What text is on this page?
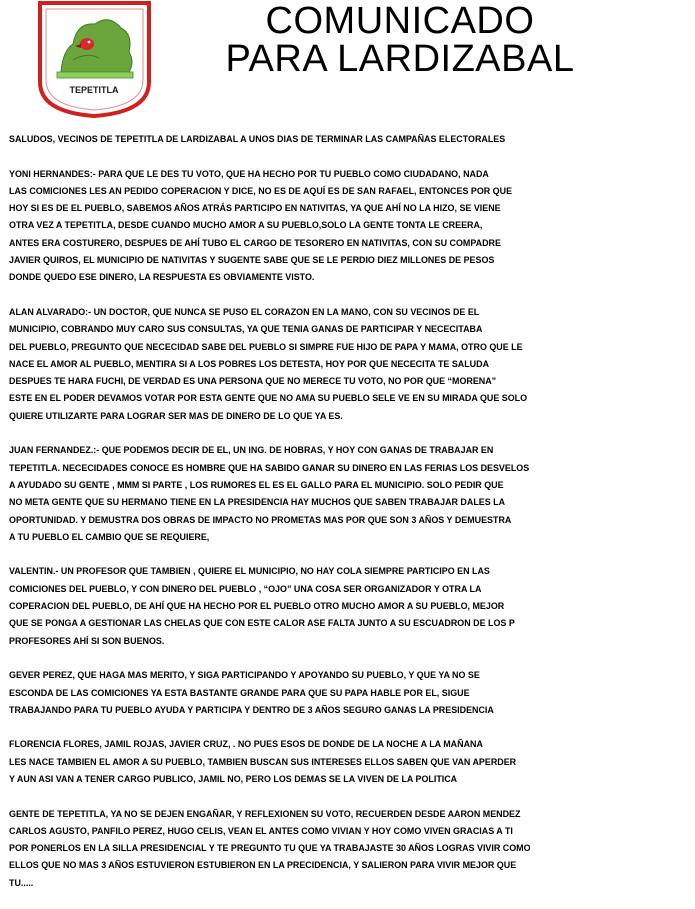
TEPETITLA
COMUNICADO
PARA LARDIZABAL
SALUDOS, VECINOS DE TEPETITLA DE LARDIZABAL A UNOS DIAS DE TERMINAR LAS CAMPAÑAS ELECTORALES
YONI HERNANDES:- PARA QUE LE DES TU VOTO, QUE HA HECHO POR TU PUEBLO COMO CIUDADANO, NADA
LAS COMICIONES LES AN PEDIDO COPERACION Y DICE, NO ES DE AQUÍ ES DE SAN RAFAEL, ENTONCES POR QUE
HOY SI ES DE EL PUEBLO, SABEMOS AÑOS ATRÁS PARTICIPO EN NATIVITAS, YA QUE AHÍ NO LA HIZO, SE VIENE
OTRA VEZ A TEPETITLA, DESDE CUANDO MUCHO AMOR A SU PUEBLO,SOLO LA GENTE TONTA LE CREERA,
ANTES ERA COSTURERO, DESPUES DE AHÍ TUBO EL CARGO DE TESORERO EN NATIVITAS, CON SU COMPADRE
JAVIER QUIROS, EL MUNICIPIO DE NATIVITAS Y SUGENTE SABE QUE SE LE PERDIO DIEZ MILLONES DE PESOS
DONDE QUEDO ESE DINERO, LA RESPUESTA ES OBVIAMENTE VISTO.
ALAN ALVARADO:- UN DOCTOR, QUE NUNCA SE PUSO EL CORAZON EN LA MANO, CON SU VECINOS DE EL
MUNICIPIO, COBRANDO MUY CARO SUS CONSULTAS, YA QUE TENIA GANAS DE PARTICIPAR Y NECECITABA
DEL PUEBLO, PREGUNTO QUE NECECIDAD SABE DEL PUEBLO SI SIMPRE FUE HIJO DE PAPA Y MAMA, OTRO QUE LE
NACE EL AMOR AL PUEBLO, MENTIRA SI A LOS POBRES LOS DETESTA, HOY POR QUE NECECITA TE SALUDA
DESPUES TE HARA FUCHI, DE VERDAD ES UNA PERSONA QUE NO MERECE TU VOTO, NO POR QUE “MORENA”
ESTE EN EL PODER DEVAMOS VOTAR POR ESTA GENTE QUE NO AMA SU PUEBLO SELE VE EN SU MIRADA QUE SOLO
QUIERE UTILIZARTE PARA LOGRAR SER MAS DE DINERO DE LO QUE YA ES.
JUAN FERNANDEZ.:- QUE PODEMOS DECIR DE EL, UN ING. DE HOBRAS, Y HOY CON GANAS DE TRABAJAR EN
TEPETITLA. NECECIDADES CONOCE ES HOMBRE QUE HA SABIDO GANAR SU DINERO EN LAS FERIAS LOS DESVELOS
A AYUDADO SU GENTE , MMM SI PARTE , LOS RUMORES EL ES EL GALLO PARA EL MUNICIPIO. SOLO PEDIR QUE
NO META GENTE QUE SU HERMANO TIENE EN LA PRESIDENCIA HAY MUCHOS QUE SABEN TRABAJAR DALES LA
OPORTUNIDAD. Y DEMUSTRA DOS OBRAS DE IMPACTO NO PROMETAS MAS POR QUE SON 3 AÑOS Y DEMUESTRA
A TU PUEBLO EL CAMBIO QUE SE REQUIERE,
VALENTIN.- UN PROFESOR QUE TAMBIEN , QUIERE EL MUNICIPIO, NO HAY COLA SIEMPRE PARTICIPO EN LAS
COMICIONES DEL PUEBLO, Y CON DINERO DEL PUEBLO , “OJO” UNA COSA SER ORGANIZADOR Y OTRA LA
COPERACION DEL PUEBLO, DE AHÍ QUE HA HECHO POR EL PUEBLO OTRO MUCHO AMOR A SU PUEBLO, MEJOR
QUE SE PONGA A GESTIONAR LAS CHELAS QUE CON ESTE CALOR ASE FALTA JUNTO A SU ESCUADRON DE LOS P
PROFESORES AHÍ SI SON BUENOS.
GEVER PEREZ, QUE HAGA MAS MERITO, Y SIGA PARTICIPANDO Y APOYANDO SU PUEBLO, Y QUE YA NO SE
ESCONDA DE LAS COMICIONES YA ESTA BASTANTE GRANDE PARA QUE SU PAPA HABLE POR EL, SIGUE
TRABAJANDO PARA TU PUEBLO AYUDA Y PARTICIPA Y DENTRO DE 3 AÑOS SEGURO GANAS LA PRESIDENCIA
FLORENCIA FLORES, JAMIL ROJAS, JAVIER CRUZ, . NO PUES ESOS DE DONDE DE LA NOCHE A LA MAÑANA
LES NACE TAMBIEN EL AMOR A SU PUEBLO, TAMBIEN BUSCAN SUS INTERESES ELLOS SABEN QUE VAN APERDER
Y AUN ASI VAN A TENER CARGO PUBLICO, JAMIL NO, PERO LOS DEMAS SE LA VIVEN DE LA POLITICA
GENTE DE TEPETITLA, YA NO SE DEJEN ENGAÑAR, Y REFLEXIONEN SU VOTO, RECUERDEN DESDE AARON MENDEZ
CARLOS AGUSTO, PANFILO PEREZ, HUGO CELIS, VEAN EL ANTES COMO VIVIAN Y HOY COMO VIVEN GRACIAS A TI
POR PONERLOS EN LA SILLA PRESIDENCIAL Y TE PREGUNTO TU QUE YA TRABAJASTE 30 AÑOS LOGRAS VIVIR COMO
ELLOS QUE NO MAS 3 AÑOS ESTUVIERON ESTUBIERON EN LA PRECIDENCIA, Y SALIERON PARA VIVIR MEJOR QUE
TU.....
